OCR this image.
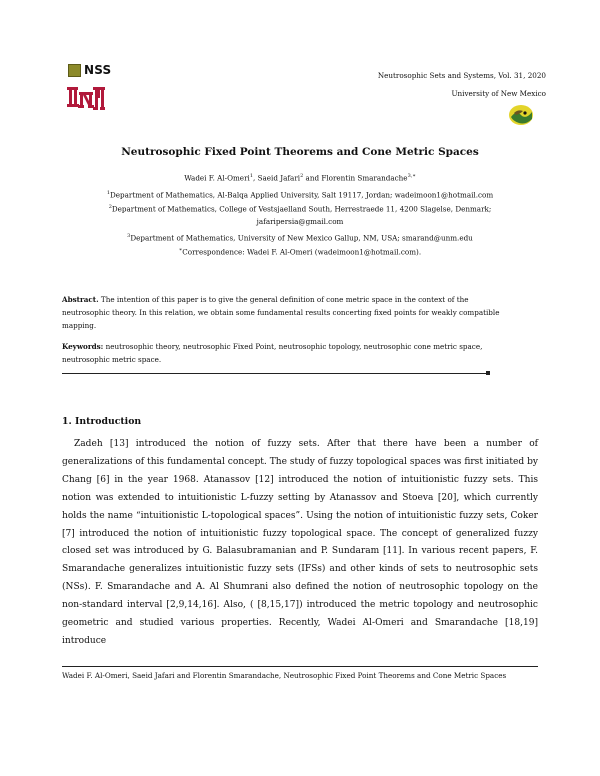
NSS	Neutrosophic Sets and Systems, Vol. 31, 2020
University of New Mexico
Neutrosophic Fixed Point Theorems and Cone Metric Spaces
Wadei F. Al-Omeri$^1$, Saeid Jafari$^2$ and Florentin Smarandache$^{3,∗}$
$^1$Department of Mathematics, Al-Balqa Applied University, Salt 19117, Jordan; wadeimoon1@hotmail.com
$^2$Department of Mathematics, College of Vestsjaelland South, Herrestraede 11, 4200 Slagelse, Denmark;
jafaripersia@gmail.com
$^3$Department of Mathematics, University of New Mexico Gallup, NM, USA; smarand@unm.edu
∗Correspondence: Wadei F. Al-Omeri (wadeimoon1@hotmail.com).
Abstract. The intention of this paper is to give the general definition of cone metric space in the context of the neutrosophic theory. In this relation, we obtain some fundamental results concerting fixed points for weakly compatible mapping.
Keywords: neutrosophic theory, neutrosophic Fixed Point, neutrosophic topology, neutrosophic cone metric space, neutrosophic metric space.
1. Introduction
Zadeh [13] introduced the notion of fuzzy sets. After that there have been a number of generalizations of this fundamental concept. The study of fuzzy topological spaces was first initiated by Chang [6] in the year 1968. Atanassov [12] introduced the notion of intuitionistic fuzzy sets. This notion was extended to intuitionistic L-fuzzy setting by Atanassov and Stoeva [20], which currently holds the name “intuitionistic L-topological spaces”. Using the notion of intuitionistic fuzzy sets, Coker [7] introduced the notion of intuitionistic fuzzy topological space. The concept of generalized fuzzy closed set was introduced by G. Balasubramanian and P. Sundaram [11]. In various recent papers, F. Smarandache generalizes intuitionistic fuzzy sets (IFSs) and other kinds of sets to neutrosophic sets (NSs). F. Smarandache and A. Al Shumrani also defined the notion of neutrosophic topology on the non-standard interval [2,9,14,16]. Also, ( [8,15,17]) introduced the metric topology and neutrosophic geometric and studied various properties. Recently, Wadei Al-Omeri and Smarandache [18,19] introduce
Wadei F. Al-Omeri, Saeid Jafari and Florentin Smarandache, Neutrosophic Fixed Point Theorems and Cone Metric Spaces
